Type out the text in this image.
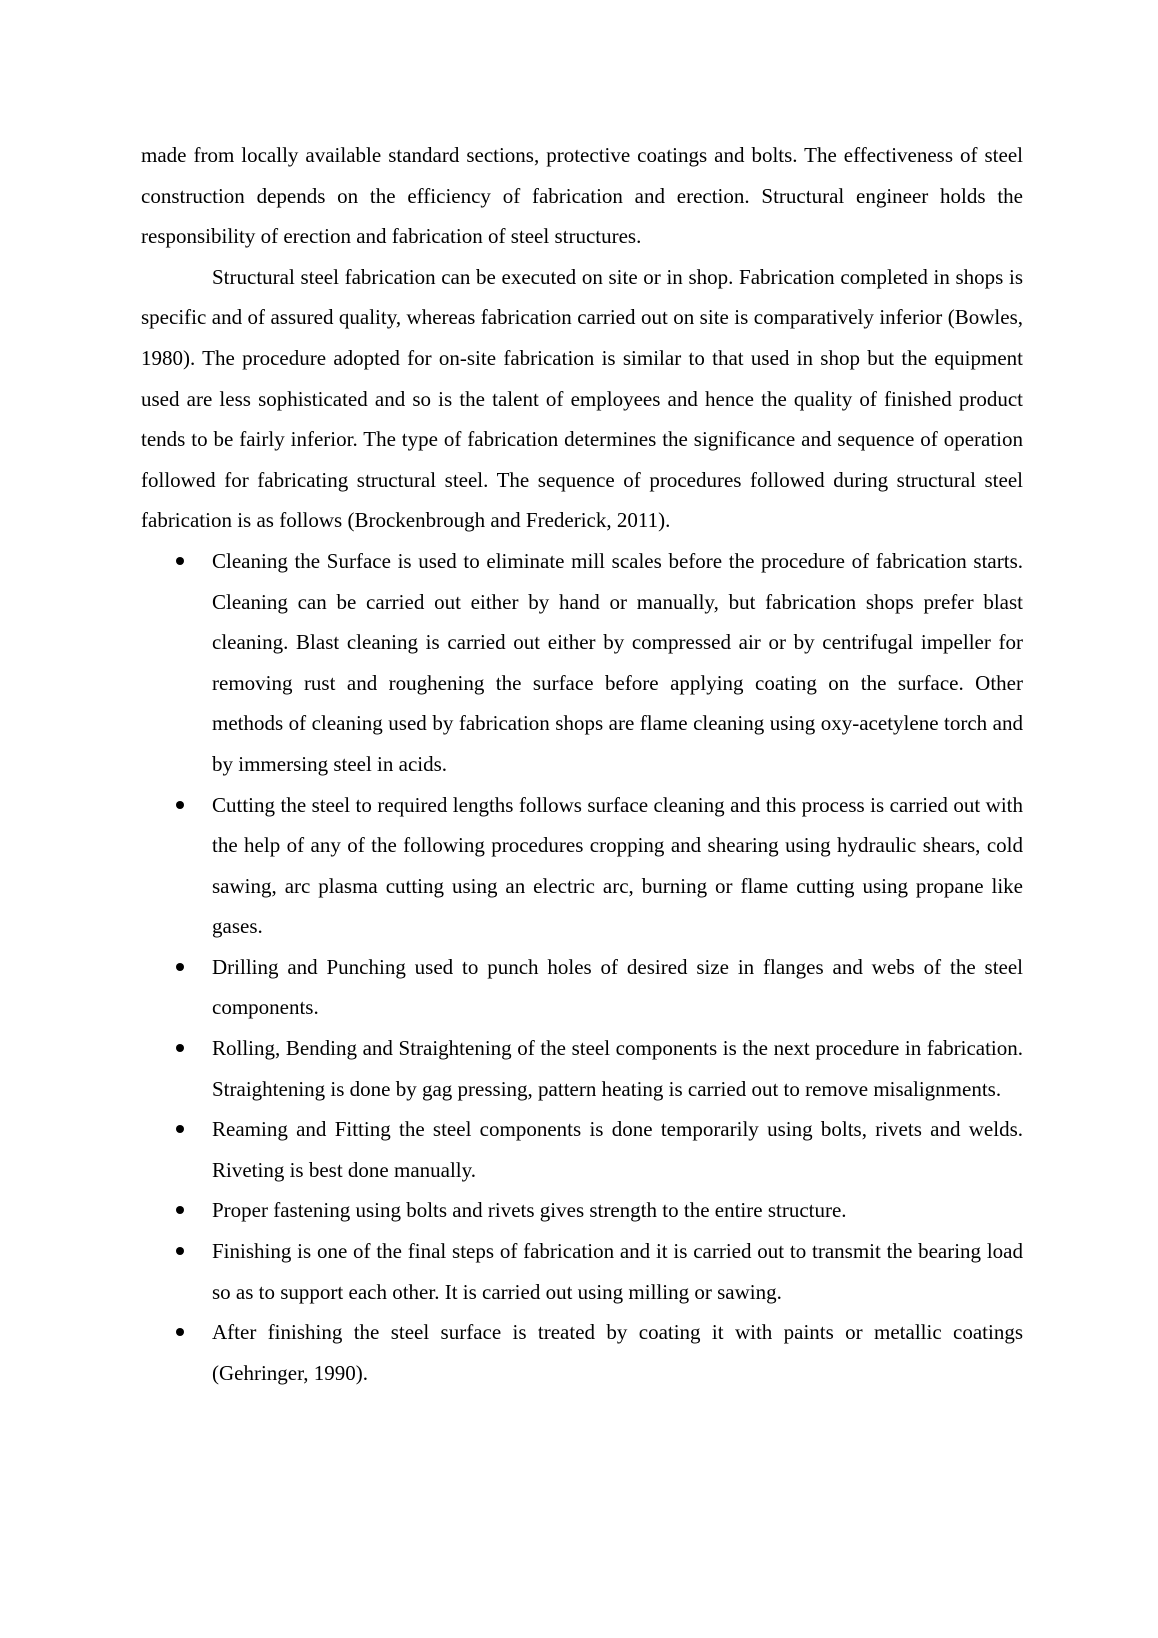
made from locally available standard sections, protective coatings and bolts. The effectiveness of steel construction depends on the efficiency of fabrication and erection. Structural engineer holds the responsibility of erection and fabrication of steel structures.

Structural steel fabrication can be executed on site or in shop. Fabrication completed in shops is specific and of assured quality, whereas fabrication carried out on site is comparatively inferior (Bowles, 1980). The procedure adopted for on-site fabrication is similar to that used in shop but the equipment used are less sophisticated and so is the talent of employees and hence the quality of finished product tends to be fairly inferior. The type of fabrication determines the significance and sequence of operation followed for fabricating structural steel. The sequence of procedures followed during structural steel fabrication is as follows (Brockenbrough and Frederick, 2011).

Cleaning the Surface is used to eliminate mill scales before the procedure of fabrication starts. Cleaning can be carried out either by hand or manually, but fabrication shops prefer blast cleaning. Blast cleaning is carried out either by compressed air or by centrifugal impeller for removing rust and roughening the surface before applying coating on the surface. Other methods of cleaning used by fabrication shops are flame cleaning using oxy-acetylene torch and by immersing steel in acids.
Cutting the steel to required lengths follows surface cleaning and this process is carried out with the help of any of the following procedures cropping and shearing using hydraulic shears, cold sawing, arc plasma cutting using an electric arc, burning or flame cutting using propane like gases.
Drilling and Punching used to punch holes of desired size in flanges and webs of the steel components.
Rolling, Bending and Straightening of the steel components is the next procedure in fabrication. Straightening is done by gag pressing, pattern heating is carried out to remove misalignments.
Reaming and Fitting the steel components is done temporarily using bolts, rivets and welds. Riveting is best done manually.
Proper fastening using bolts and rivets gives strength to the entire structure.
Finishing is one of the final steps of fabrication and it is carried out to transmit the bearing load so as to support each other. It is carried out using milling or sawing.
After finishing the steel surface is treated by coating it with paints or metallic coatings (Gehringer, 1990).
